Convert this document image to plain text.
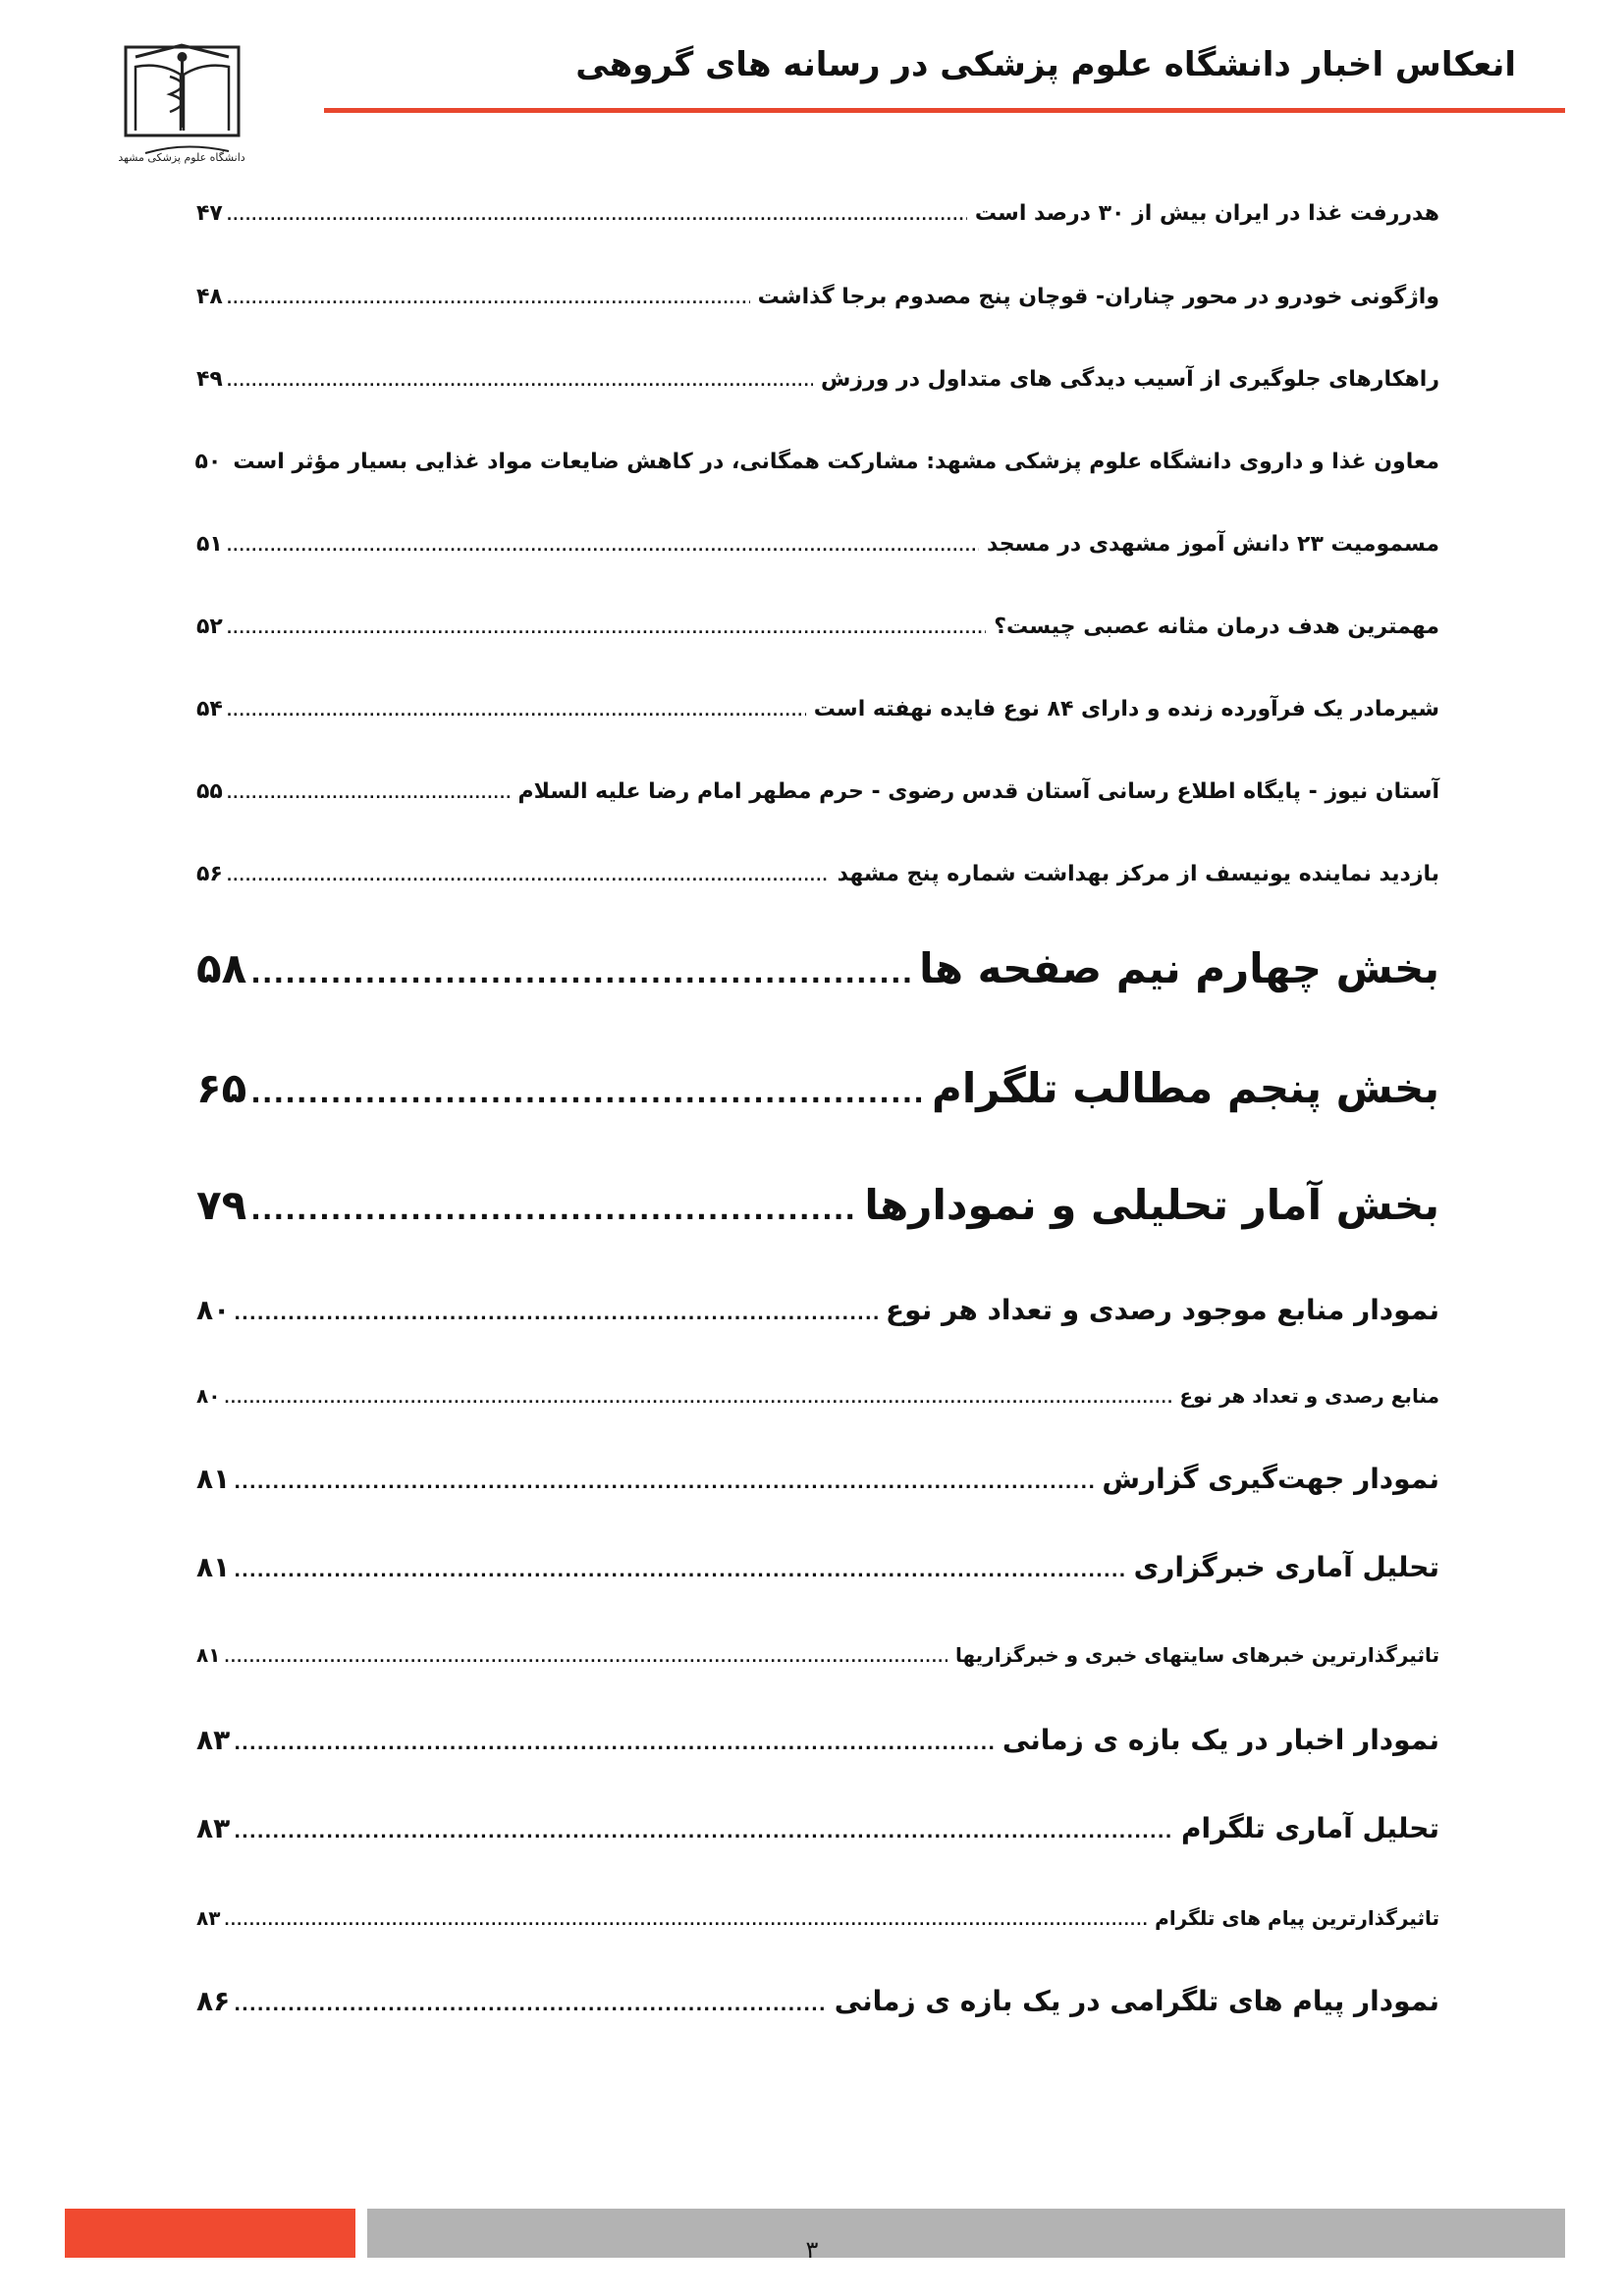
انعکاس اخبار دانشگاه علوم پزشکی در رسانه های گروهی
دانشگاه علوم پزشکی مشهد
هدررفت غذا در ایران بیش از ۳۰ درصد است
.....
۴۷
واژگونی خودرو در محور چناران- قوچان پنج مصدوم برجا گذاشت
.....
۴۸
راهکارهای جلوگیری از آسیب دیدگی های متداول در ورزش
.....
۴۹
معاون غذا و داروی دانشگاه علوم پزشکی مشهد: مشارکت همگانی، در کاهش ضایعات مواد غذایی بسیار مؤثر است
۵۰
مسمومیت ۲۳ دانش آموز مشهدی در مسجد
.....
۵۱
مهمترین هدف درمان مثانه عصبی چیست؟
.....
۵۲
شیرمادر یک فرآورده زنده و دارای ۸۴ نوع فایده نهفته است
.....
۵۴
آستان نیوز - پایگاه اطلاع رسانی آستان قدس رضوی - حرم مطهر امام رضا علیه السلام
.....
۵۵
بازدید نماینده یونیسف از مرکز بهداشت شماره پنج مشهد
.....
۵۶
بخش چهارم نیم صفحه ها
.....
۵۸
بخش پنجم مطالب تلگرام
.....
۶۵
بخش آمار تحلیلی و نمودارها
.....
۷۹
نمودار منابع موجود رصدی و تعداد هر نوع
.....
۸۰
منابع رصدی و تعداد هر نوع
.....
۸۰
نمودار جهت‌گیری گزارش
.....
۸۱
تحلیل آماری خبرگزاری
.....
۸۱
تاثیرگذارترین خبرهای سایتهای خبری و خبرگزاریها
.....
۸۱
نمودار اخبار در یک بازه ی زمانی
.....
۸۳
تحلیل آماری تلگرام
.....
۸۳
تاثیرگذارترین پیام های تلگرام
.....
۸۳
نمودار پیام های تلگرامی در یک بازه ی زمانی
.....
۸۶
۳
